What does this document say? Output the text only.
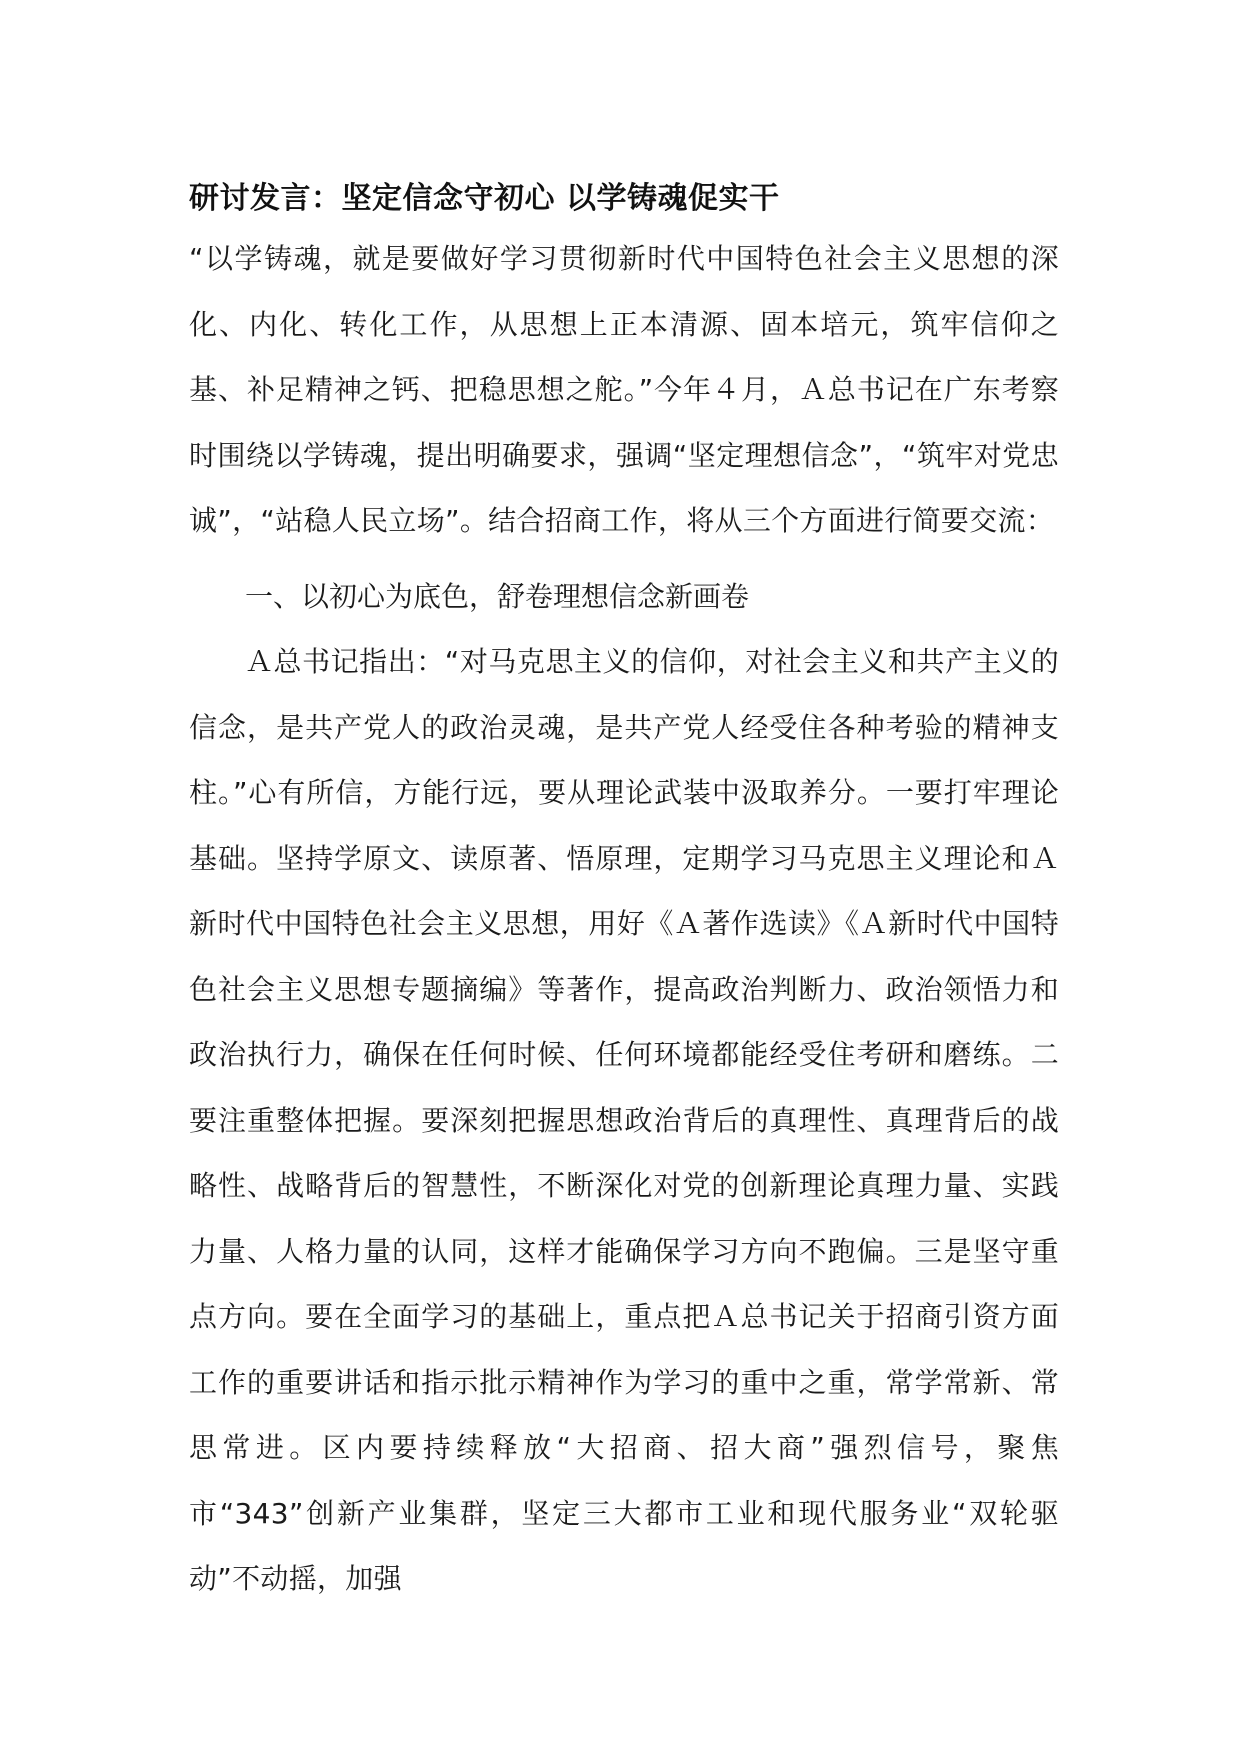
研讨发言：坚定信念守初心 以学铸魂促实干

“以学铸魂，就是要做好学习贯彻新时代中国特色社会主义思想的深化、内化、转化工作，从思想上正本清源、固本培元，筑牢信仰之基、补足精神之钙、把稳思想之舵。”今年４月，Ａ总书记在广东考察时围绕以学铸魂，提出明确要求，强调“坚定理想信念”，“筑牢对党忠诚”，“站稳人民立场”。结合招商工作，将从三个方面进行简要交流：

一、以初心为底色，舒卷理想信念新画卷

Ａ总书记指出：“对马克思主义的信仰，对社会主义和共产主义的信念，是共产党人的政治灵魂，是共产党人经受住各种考验的精神支柱。”心有所信，方能行远，要从理论武装中汲取养分。一要打牢理论基础。坚持学原文、读原著、悟原理，定期学习马克思主义理论和Ａ新时代中国特色社会主义思想，用好《Ａ著作选读》《Ａ新时代中国特色社会主义思想专题摘编》等著作，提高政治判断力、政治领悟力和政治执行力，确保在任何时候、任何环境都能经受住考研和磨练。二要注重整体把握。要深刻把握思想政治背后的真理性、真理背后的战略性、战略背后的智慧性，不断深化对党的创新理论真理力量、实践力量、人格力量的认同，这样才能确保学习方向不跑偏。三是坚守重点方向。要在全面学习的基础上，重点把Ａ总书记关于招商引资方面工作的重要讲话和指示批示精神作为学习的重中之重，常学常新、常思常进。区内要持续释放“大招商、招大商”强烈信号，聚焦市“343”创新产业集群，坚定三大都市工业和现代服务业“双轮驱动”不动摇，加强
